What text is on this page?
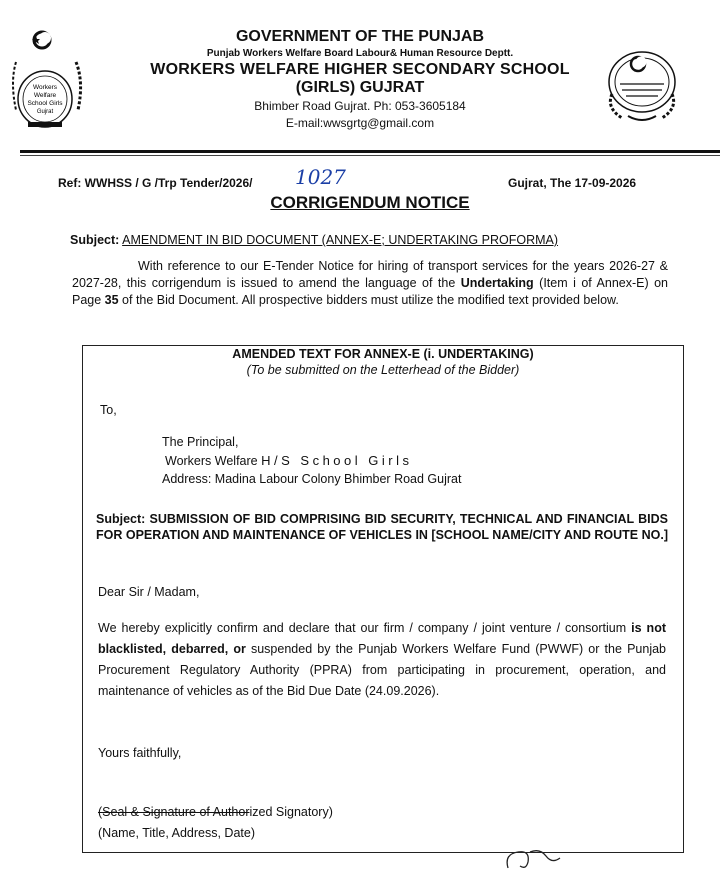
Workers
Welfare
School Girls
Gujrat
GOVERNMENT OF THE PUNJAB
Punjab Workers Welfare Board Labour& Human Resource Deptt.
WORKERS WELFARE HIGHER SECONDARY SCHOOL
(GIRLS) GUJRAT
Bhimber Road Gujrat. Ph: 053-3605184
E-mail:wwsgrtg@gmail.com
Ref: WWHSS / G /Trp Tender/2026/ 1027	Gujrat, The 17-09-2026
CORRIGENDUM NOTICE
Subject: AMENDMENT IN BID DOCUMENT (ANNEX-E; UNDERTAKING PROFORMA)
With reference to our E-Tender Notice for hiring of transport services for the years 2026-27 & 2027-28, this corrigendum is issued to amend the language of the Undertaking (Item i of Annex-E) on Page 35 of the Bid Document. All prospective bidders must utilize the modified text provided below.
AMENDED TEXT FOR ANNEX-E (i. UNDERTAKING)
(To be submitted on the Letterhead of the Bidder)
To,
The Principal,
Workers Welfare H/S School Girls
Address: Madina Labour Colony Bhimber Road Gujrat
Subject: SUBMISSION OF BID COMPRISING BID SECURITY, TECHNICAL AND FINANCIAL BIDS FOR OPERATION AND MAINTENANCE OF VEHICLES IN [SCHOOL NAME/CITY AND ROUTE NO.]
Dear Sir / Madam,
We hereby explicitly confirm and declare that our firm / company / joint venture / consortium is not blacklisted, debarred, or suspended by the Punjab Workers Welfare Fund (PWWF) or the Punjab Procurement Regulatory Authority (PPRA) from participating in procurement, operation, and maintenance of vehicles as of the Bid Due Date (24.09.2026).
Yours faithfully,
(Seal & Signature of Authorized Signatory)
(Name, Title, Address, Date)
